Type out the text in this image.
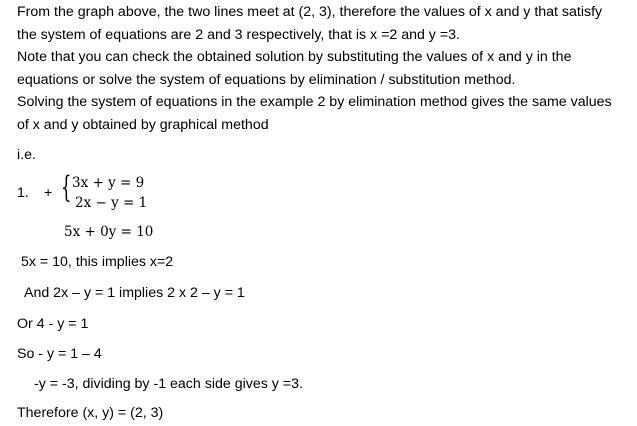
From the graph above, the two lines meet at (2, 3), therefore the values of x and y that satisfy
the system of equations are 2 and 3 respectively, that is x =2 and y =3.
Note that you can check the obtained solution by substituting the values of x and y in the
equations or solve the system of equations by elimination / substitution method.
Solving the system of equations in the example 2 by elimination method gives the same values
of x and y obtained by graphical method
i.e.
1. + { 3x + y = 9
2x − y = 1
5x + 0y = 10
5x = 10, this implies x=2
And 2x – y = 1 implies 2 x 2 – y = 1
Or 4 - y = 1
So - y = 1 – 4
-y = -3, dividing by -1 each side gives y =3.
Therefore (x, y) = (2, 3)
